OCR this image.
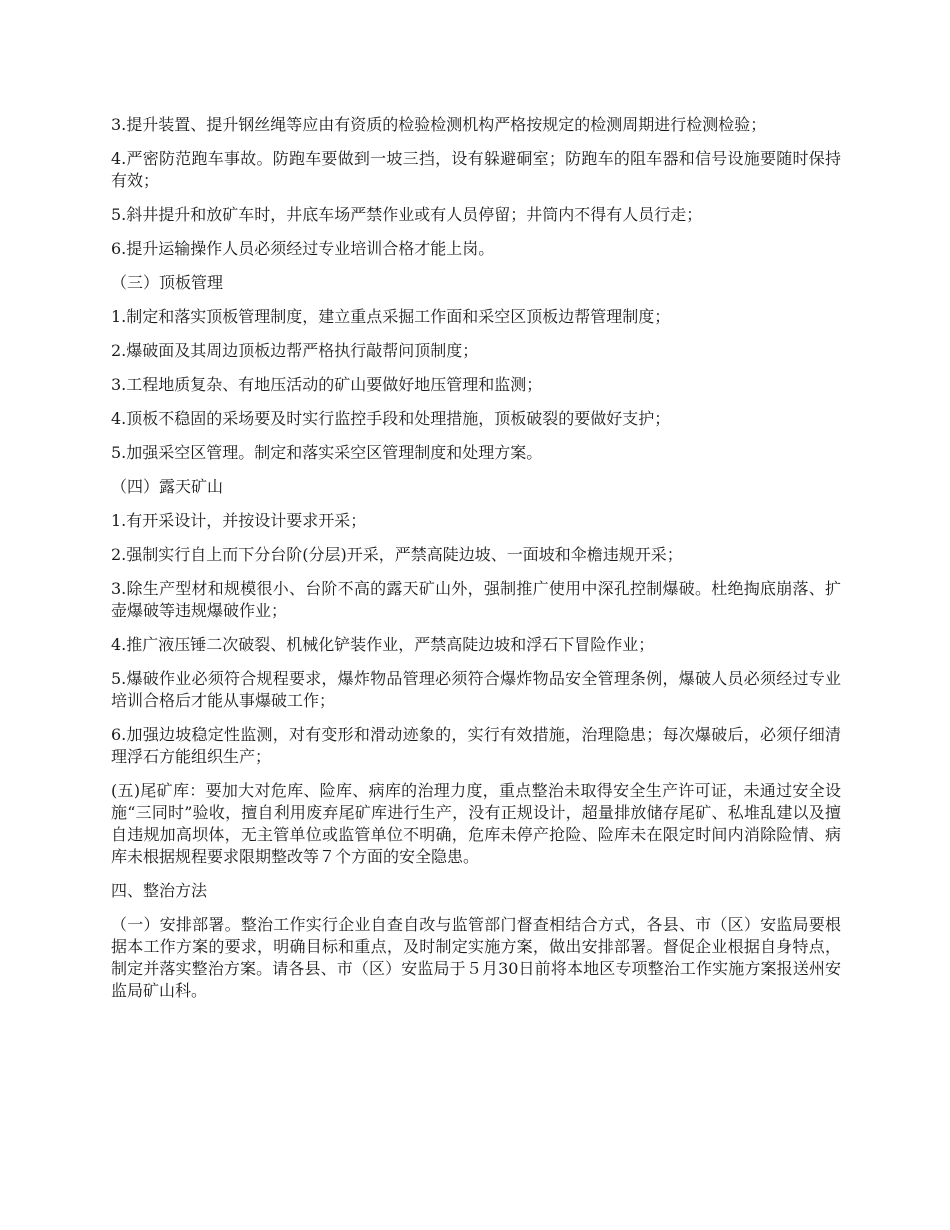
3.提升装置、提升钢丝绳等应由有资质的检验检测机构严格按规定的检测周期进行检测检验；

4.严密防范跑车事故。防跑车要做到一坡三挡，设有躲避硐室；防跑车的阻车器和信号设施要随时保持有效；

5.斜井提升和放矿车时，井底车场严禁作业或有人员停留；井筒内不得有人员行走；

6.提升运输操作人员必须经过专业培训合格才能上岗。

（三）顶板管理

1.制定和落实顶板管理制度，建立重点采掘工作面和采空区顶板边帮管理制度；

2.爆破面及其周边顶板边帮严格执行敲帮问顶制度；

3.工程地质复杂、有地压活动的矿山要做好地压管理和监测；

4.顶板不稳固的采场要及时实行监控手段和处理措施，顶板破裂的要做好支护；

5.加强采空区管理。制定和落实采空区管理制度和处理方案。

（四）露天矿山

1.有开采设计，并按设计要求开采；

2.强制实行自上而下分台阶(分层)开采，严禁高陡边坡、一面坡和伞檐违规开采；

3.除生产型材和规模很小、台阶不高的露天矿山外，强制推广使用中深孔控制爆破。杜绝掏底崩落、扩壶爆破等违规爆破作业；

4.推广液压锤二次破裂、机械化铲装作业，严禁高陡边坡和浮石下冒险作业；

5.爆破作业必须符合规程要求，爆炸物品管理必须符合爆炸物品安全管理条例，爆破人员必须经过专业培训合格后才能从事爆破工作；

6.加强边坡稳定性监测，对有变形和滑动迹象的，实行有效措施，治理隐患；每次爆破后，必须仔细清理浮石方能组织生产；

(五)尾矿库：要加大对危库、险库、病库的治理力度，重点整治未取得安全生产许可证，未通过安全设施“三同时”验收，擅自利用废弃尾矿库进行生产，没有正规设计，超量排放储存尾矿、私堆乱建以及擅自违规加高坝体，无主管单位或监管单位不明确，危库未停产抢险、险库未在限定时间内消除险情、病库未根据规程要求限期整改等７个方面的安全隐患。

四、整治方法

（一）安排部署。整治工作实行企业自查自改与监管部门督查相结合方式，各县、市（区）安监局要根据本工作方案的要求，明确目标和重点，及时制定实施方案，做出安排部署。督促企业根据自身特点，制定并落实整治方案。请各县、市（区）安监局于５月30日前将本地区专项整治工作实施方案报送州安监局矿山科。
